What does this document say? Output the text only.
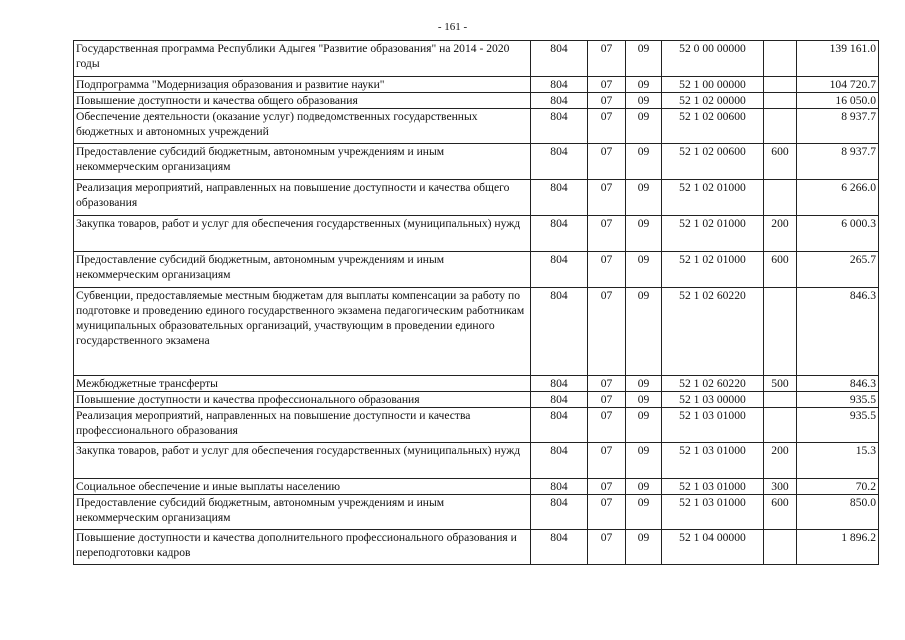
- 161 -
Государственная программа Республики Адыгея "Развитие образования" на 2014 - 2020 годы	804	07	09	52 0 00 00000		139 161.0
Подпрограмма "Модернизация образования и развитие науки"	804	07	09	52 1 00 00000		104 720.7
Повышение доступности и качества общего образования	804	07	09	52 1 02 00000		16 050.0
Обеспечение деятельности (оказание услуг) подведомственных государственных бюджетных и автономных учреждений	804	07	09	52 1 02 00600		8 937.7
Предоставление субсидий бюджетным, автономным учреждениям и иным некоммерческим организациям	804	07	09	52 1 02 00600	600	8 937.7
Реализация мероприятий, направленных на повышение доступности и качества общего образования	804	07	09	52 1 02 01000		6 266.0
Закупка товаров, работ и услуг для обеспечения государственных (муниципальных) нужд	804	07	09	52 1 02 01000	200	6 000.3
Предоставление субсидий бюджетным, автономным учреждениям и иным некоммерческим организациям	804	07	09	52 1 02 01000	600	265.7
Субвенции, предоставляемые местным бюджетам для выплаты компенсации за работу по подготовке и проведению единого государственного экзамена педагогическим работникам муниципальных образовательных организаций, участвующим в проведении единого государственного экзамена	804	07	09	52 1 02 60220		846.3
Межбюджетные трансферты	804	07	09	52 1 02 60220	500	846.3
Повышение доступности и качества профессионального образования	804	07	09	52 1 03 00000		935.5
Реализация мероприятий, направленных на повышение доступности и качества профессионального образования	804	07	09	52 1 03 01000		935.5
Закупка товаров, работ и услуг для обеспечения государственных (муниципальных) нужд	804	07	09	52 1 03 01000	200	15.3
Социальное обеспечение и иные выплаты населению	804	07	09	52 1 03 01000	300	70.2
Предоставление субсидий бюджетным, автономным учреждениям и иным некоммерческим организациям	804	07	09	52 1 03 01000	600	850.0
Повышение доступности и качества дополнительного профессионального образования и переподготовки кадров	804	07	09	52 1 04 00000		1 896.2
